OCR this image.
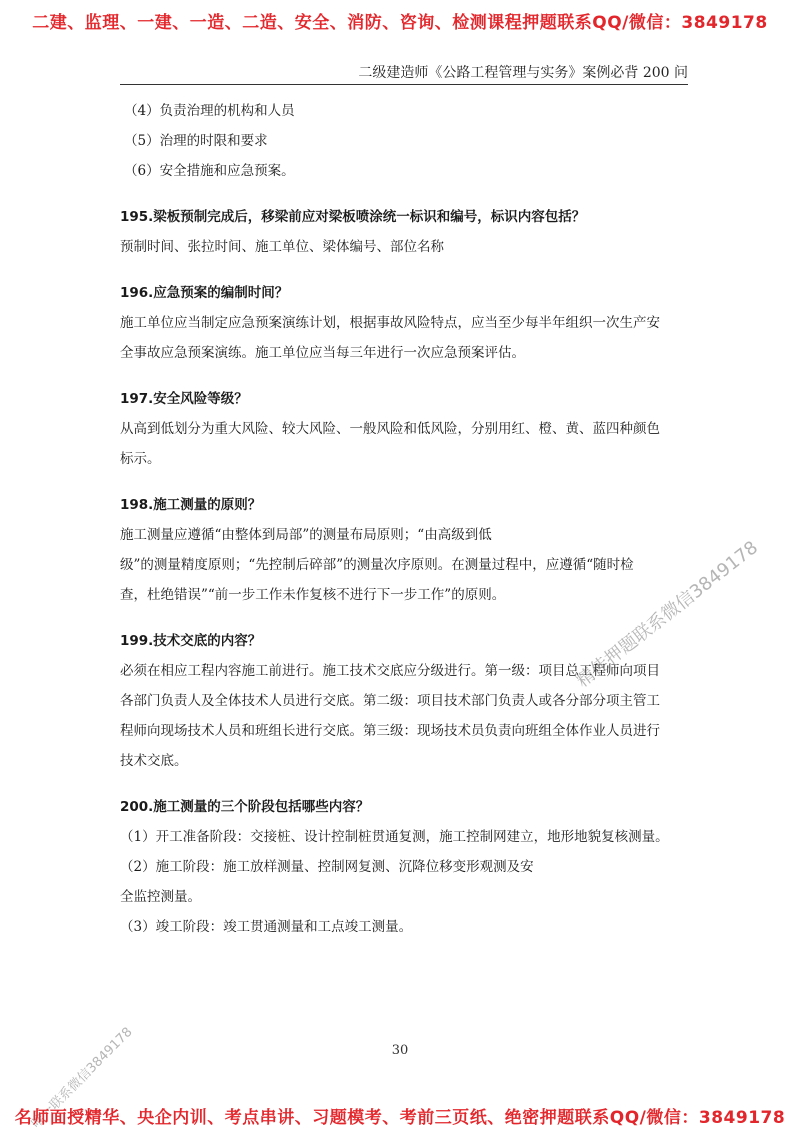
二建、监理、一建、一造、二造、安全、消防、咨询、检测课程押题联系QQ/微信：3849178
二级建造师《公路工程管理与实务》案例必背 200 问

（4）负责治理的机构和人员

（5）治理的时限和要求

（6）安全措施和应急预案。

195.梁板预制完成后，移梁前应对梁板喷涂统一标识和编号，标识内容包括？

预制时间、张拉时间、施工单位、梁体编号、部位名称

196.应急预案的编制时间？

施工单位应当制定应急预案演练计划，根据事故风险特点，应当至少每半年组织一次生产安

全事故应急预案演练。施工单位应当每三年进行一次应急预案评估。

197.安全风险等级？

从高到低划分为重大风险、较大风险、一般风险和低风险，分别用红、橙、黄、蓝四种颜色

标示。

198.施工测量的原则？

施工测量应遵循“由整体到局部”的测量布局原则；“由高级到低

级”的测量精度原则；“先控制后碎部”的测量次序原则。在测量过程中，应遵循“随时检

查，杜绝错误”“前一步工作未作复核不进行下一步工作”的原则。

199.技术交底的内容？

必须在相应工程内容施工前进行。施工技术交底应分级进行。第一级：项目总工程师向项目

各部门负责人及全体技术人员进行交底。第二级：项目技术部门负责人或各分部分项主管工

程师向现场技术人员和班组长进行交底。第三级：现场技术员负责向班组全体作业人员进行

技术交底。

200.施工测量的三个阶段包括哪些内容？

（1）开工准备阶段：交接桩、设计控制桩贯通复测，施工控制网建立，地形地貌复核测量。

（2）施工阶段：施工放样测量、控制网复测、沉降位移变形观测及安

全监控测量。

（3）竣工阶段：竣工贯通测量和工点竣工测量。

精佳押题联系微信3849178
30
唯一联系微信3849178
名师面授精华、央企内训、考点串讲、习题模考、考前三页纸、绝密押题联系QQ/微信：3849178
